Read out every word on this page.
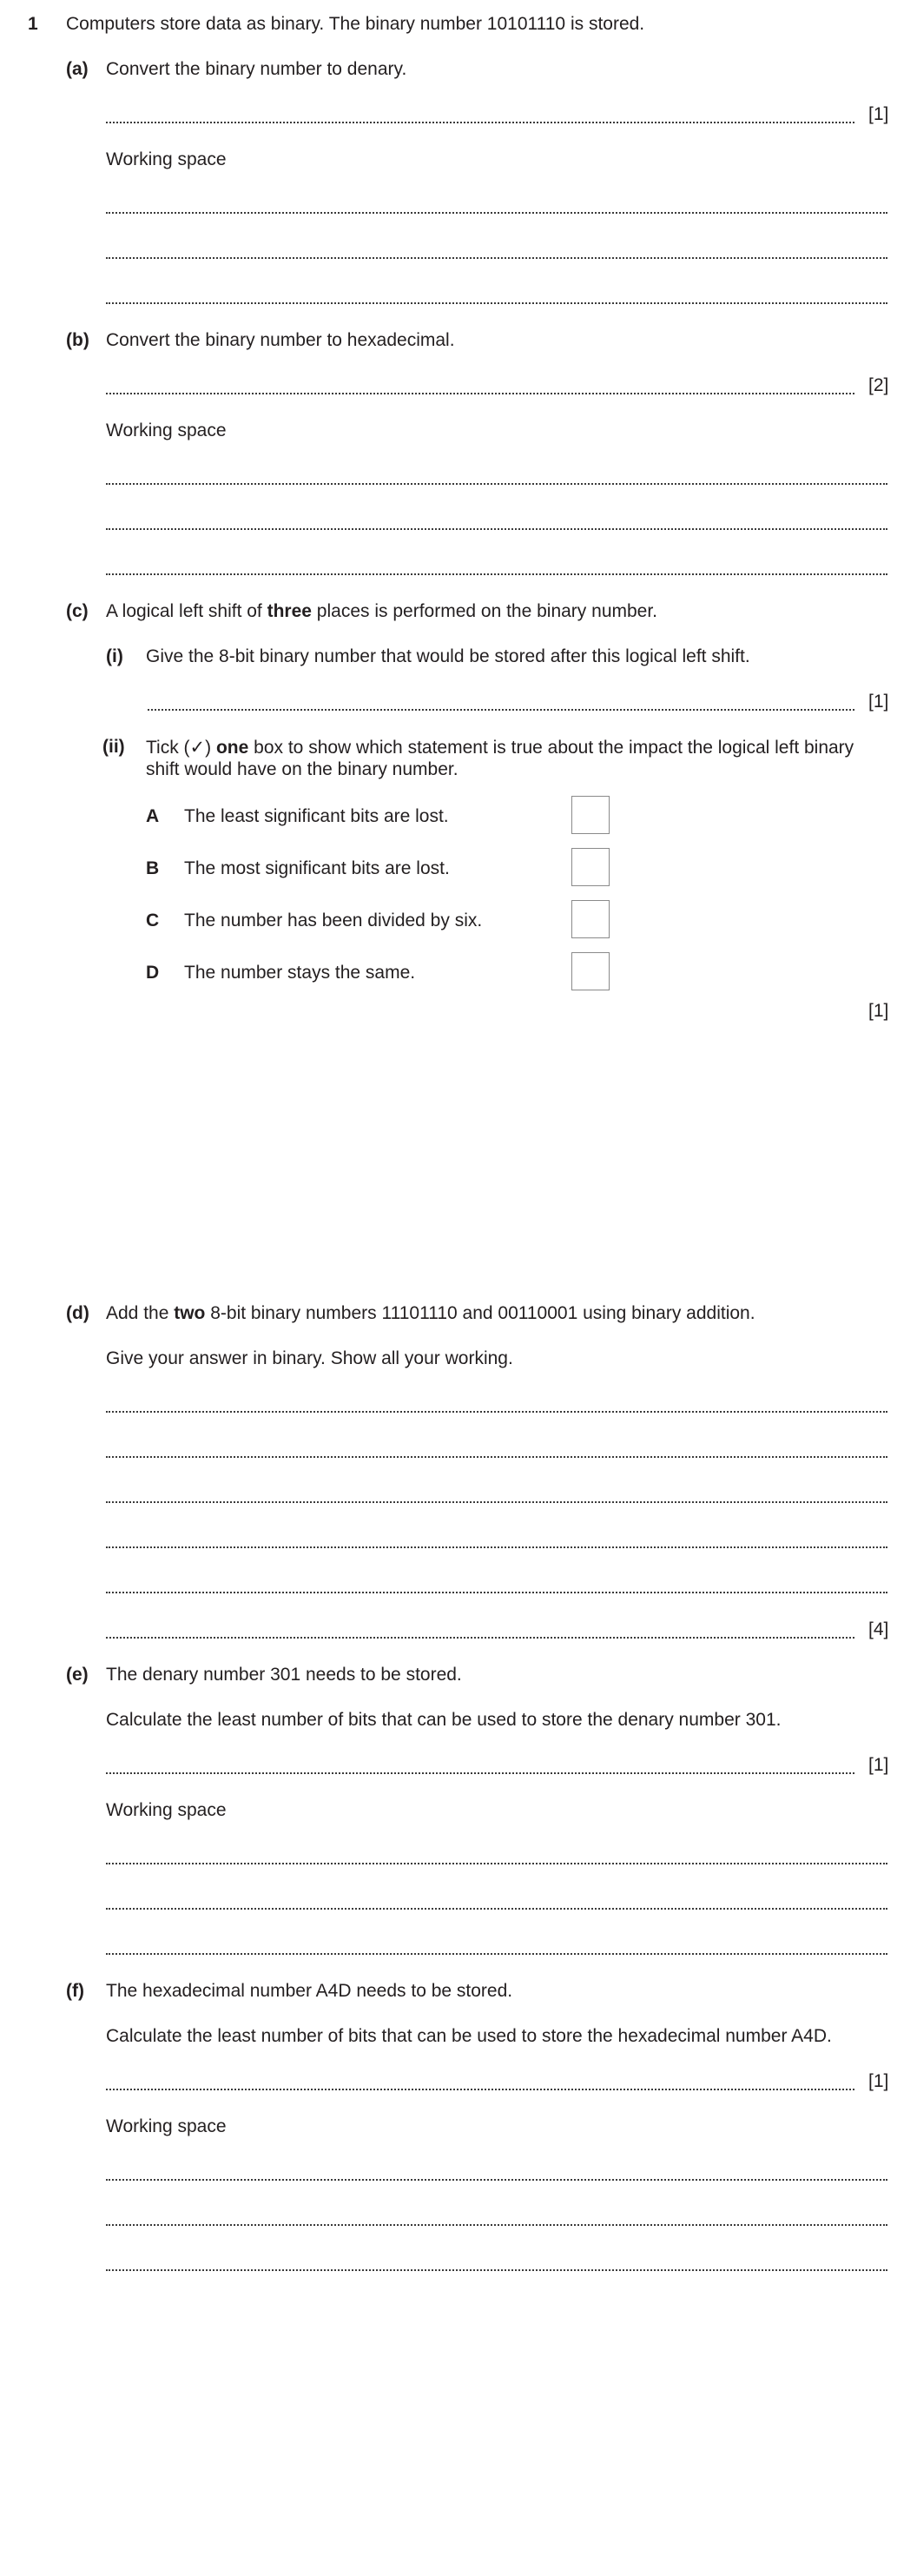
1 Computers store data as binary. The binary number 10101110 is stored.
(a) Convert the binary number to denary.
[1]
Working space
(b) Convert the binary number to hexadecimal.
[2]
Working space
(c) A logical left shift of three places is performed on the binary number.
(i) Give the 8-bit binary number that would be stored after this logical left shift.
[1]
(ii) Tick (✓) one box to show which statement is true about the impact the logical left binary
shift would have on the binary number.
A The least significant bits are lost.
B The most significant bits are lost.
C The number has been divided by six.
D The number stays the same.
[1]
(d) Add the two 8-bit binary numbers 11101110 and 00110001 using binary addition.
Give your answer in binary. Show all your working.
[4]
(e) The denary number 301 needs to be stored.
Calculate the least number of bits that can be used to store the denary number 301.
[1]
Working space
(f) The hexadecimal number A4D needs to be stored.
Calculate the least number of bits that can be used to store the hexadecimal number A4D.
[1]
Working space
